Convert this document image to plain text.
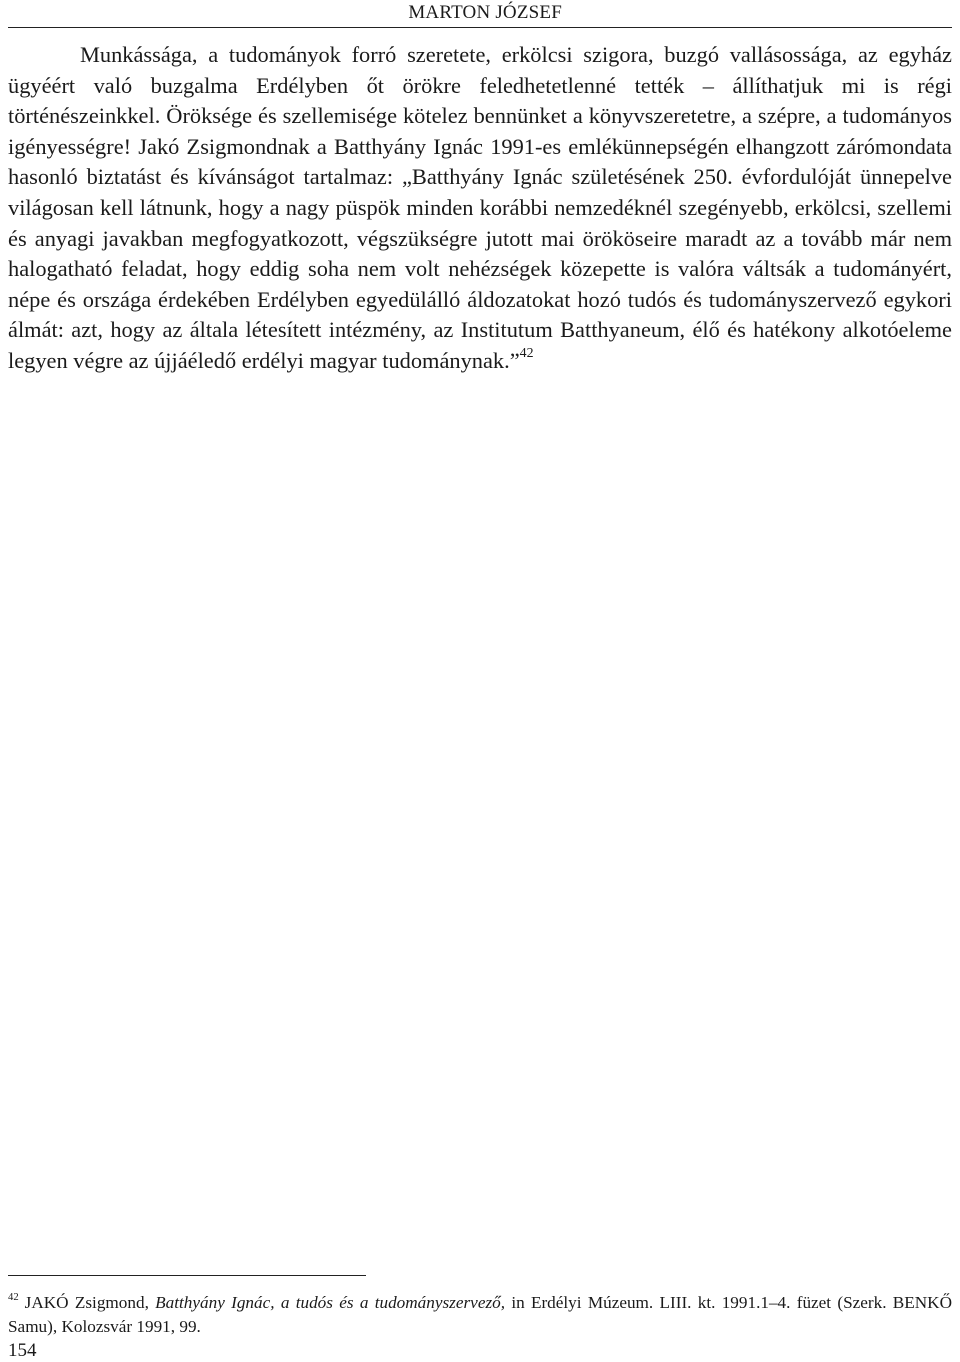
MARTON JÓZSEF

Munkássága, a tudományok forró szeretete, erkölcsi szigora, buzgó vallásossága, az egyház ügyéért való buzgalma Erdélyben őt örökre feledhetetlenné tették – állíthatjuk mi is régi történészeinkkel. Öröksége és szellemisége kötelez bennünket a könyvszeretetre, a szépre, a tudományos igényességre! Jakó Zsigmondnak a Batthyány Ignác 1991-es emlékünnepségén elhangzott zárómondata hasonló biztatást és kívánságot tartalmaz: „Batthyány Ignác születésének 250. évfordulóját ünnepelve világosan kell látnunk, hogy a nagy püspök minden korábbi nemzedéknél szegényebb, erkölcsi, szellemi és anyagi javakban megfogyatkozott, végszükségre jutott mai örököseire maradt az a tovább már nem halogatható feladat, hogy eddig soha nem volt nehézségek közepette is valóra váltsák a tudományért, népe és országa érdekében Erdélyben egyedülálló áldozatokat hozó tudós és tudományszervező egykori álmát: azt, hogy az általa létesített intézmény, az Institutum Batthyaneum, élő és hatékony alkotóeleme legyen végre az újjáéledő erdélyi magyar tudománynak.”$^{42}$

$^{42}$ JAKÓ Zsigmond, Batthyány Ignác, a tudós és a tudományszervező, in Erdélyi Múzeum. LIII. kt. 1991.1–4. füzet (Szerk. BENKŐ Samu), Kolozsvár 1991, 99.

154
